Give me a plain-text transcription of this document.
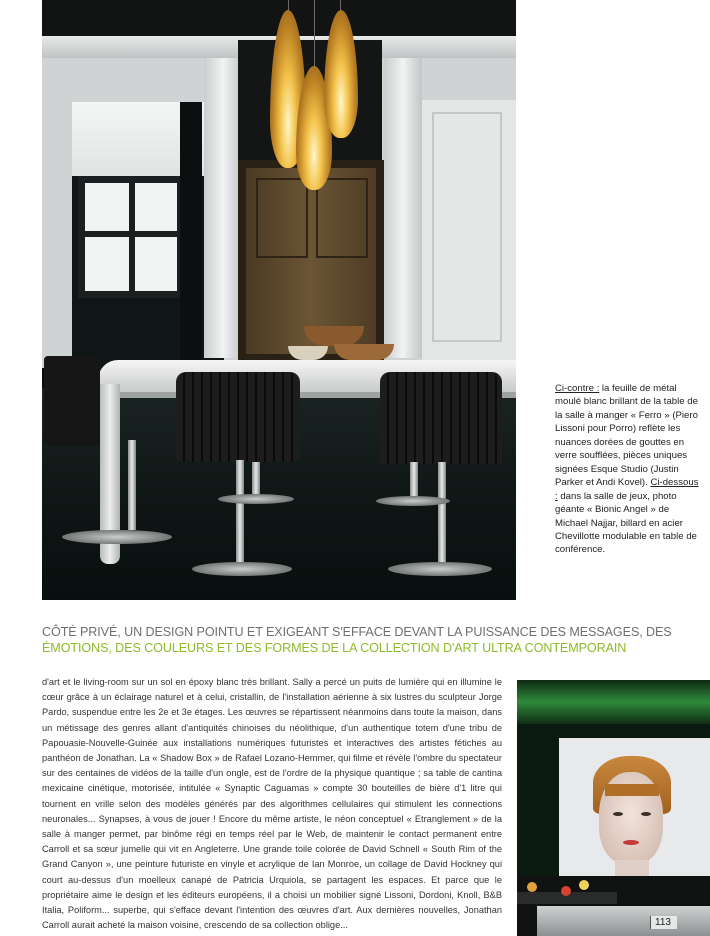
Ci-contre : la feuille de métal moulé blanc brillant de la table de la salle à manger « Ferro » (Piero Lissoni pour Porro) reflète les nuances dorées de gouttes en verre soufflées, pièces uniques signées Esque Studio (Justin Parker et Andi Kovel). Ci-dessous : dans la salle de jeux, photo géante « Bionic Angel » de Michael Najjar, billard en acier Chevillotte modulable en table de conférence.
CÔTÉ PRIVÉ, UN DESIGN POINTU ET EXIGEANT S'EFFACE DEVANT LA PUISSANCE DES MESSAGES, DES
ÉMOTIONS, DES COULEURS ET DES FORMES DE LA COLLECTION D'ART ULTRA CONTEMPORAIN
d'art et le living-room sur un sol en époxy blanc très brillant. Sally a percé un puits de lumière qui en illumine le cœur grâce à un éclairage naturel et à celui, cristallin, de l'installation aérienne à six lustres du sculpteur Jorge Pardo, suspendue entre les 2e et 3e étages. Les œuvres se répartissent néanmoins dans toute la maison, dans un métissage des genres allant d'antiquités chinoises du néolithique, d'un authentique totem d'une tribu de Papouasie-Nouvelle-Guinée aux installations numériques futuristes et interactives des artistes fétiches au panthéon de Jonathan. La « Shadow Box » de Rafael Lozano-Hemmer, qui filme et révèle l'ombre du spectateur sur des centaines de vidéos de la taille d'un ongle, est de l'ordre de la physique quantique ; sa table de cantina mexicaine cinétique, motorisée, intitulée « Synaptic Caguamas » compte 30 bouteilles de bière d'1 litre qui tournent en vrille selon des modèles générés par des algorithmes cellulaires qui stimulent les connections neuronales... Synapses, à vous de jouer ! Encore du même artiste, le néon conceptuel « Etranglement » de la salle à manger permet, par binôme régi en temps réel par le Web, de maintenir le contact permanent entre Carroll et sa sœur jumelle qui vit en Angleterre. Une grande toile colorée de David Schnell « South Rim of the Grand Canyon », une peinture futuriste en vinyle et acrylique de Ian Monroe, un collage de David Hockney qui court au-dessus d'un moelleux canapé de Patricia Urquiola, se partagent les espaces. Et parce que le propriétaire aime le design et les éditeurs européens, il a choisi un mobilier signé Lissoni, Dordoni, Knoll, B&B Italia, Poliform... superbe, qui s'efface devant l'intention des œuvres d'art. Aux dernières nouvelles, Jonathan Carroll aurait acheté la maison voisine, crescendo de sa collection oblige...	113
